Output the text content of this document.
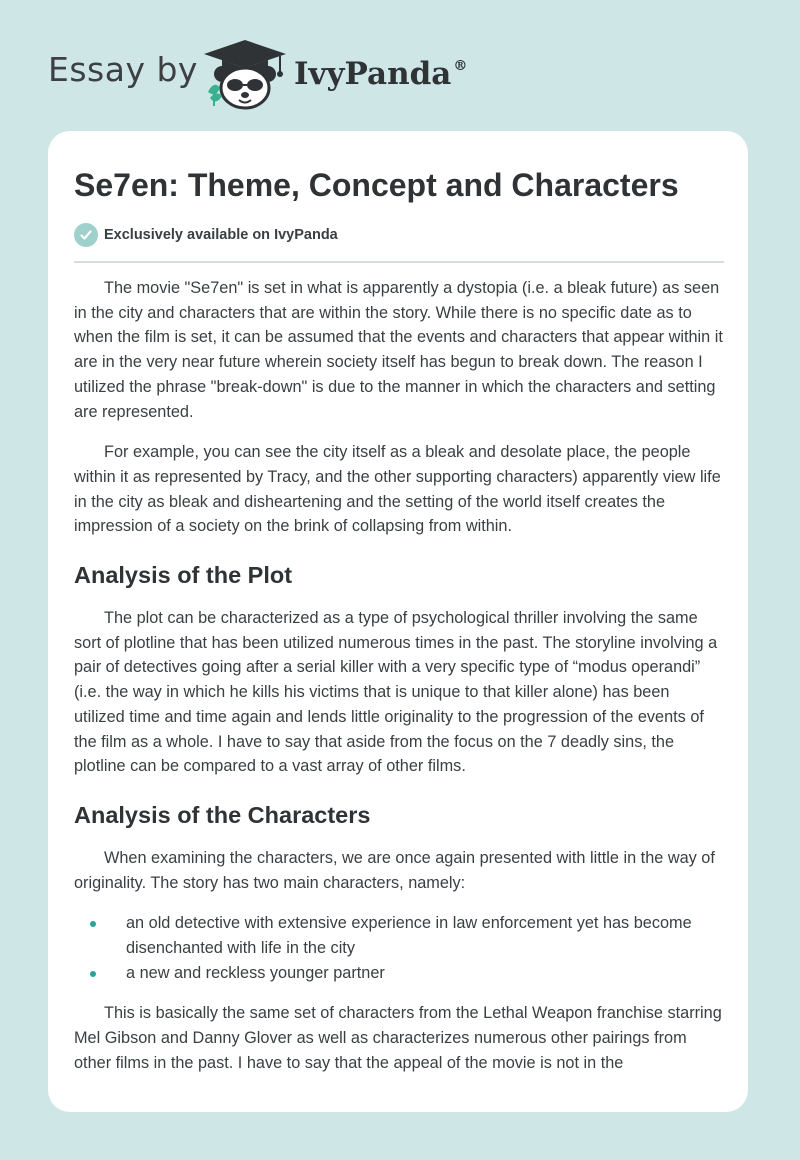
Essay by	IvyPanda ®
Se7en: Theme, Concept and Characters
Exclusively available on IvyPanda

The movie "Se7en" is set in what is apparently a dystopia (i.e. a bleak future) as seen in the city and characters that are within the story. While there is no specific date as to when the film is set, it can be assumed that the events and characters that appear within it are in the very near future wherein society itself has begun to break down. The reason I utilized the phrase "break-down" is due to the manner in which the characters and setting are represented.

For example, you can see the city itself as a bleak and desolate place, the people within it as represented by Tracy, and the other supporting characters) apparently view life in the city as bleak and disheartening and the setting of the world itself creates the impression of a society on the brink of collapsing from within.

Analysis of the Plot

The plot can be characterized as a type of psychological thriller involving the same sort of plotline that has been utilized numerous times in the past. The storyline involving a pair of detectives going after a serial killer with a very specific type of “modus operandi” (i.e. the way in which he kills his victims that is unique to that killer alone) has been utilized time and time again and lends little originality to the progression of the events of the film as a whole. I have to say that aside from the focus on the 7 deadly sins, the plotline can be compared to a vast array of other films.

Analysis of the Characters

When examining the characters, we are once again presented with little in the way of originality. The story has two main characters, namely:

an old detective with extensive experience in law enforcement yet has become disenchanted with life in the city
a new and reckless younger partner

This is basically the same set of characters from the Lethal Weapon franchise starring Mel Gibson and Danny Glover as well as characterizes numerous other pairings from other films in the past. I have to say that the appeal of the movie is not in the
